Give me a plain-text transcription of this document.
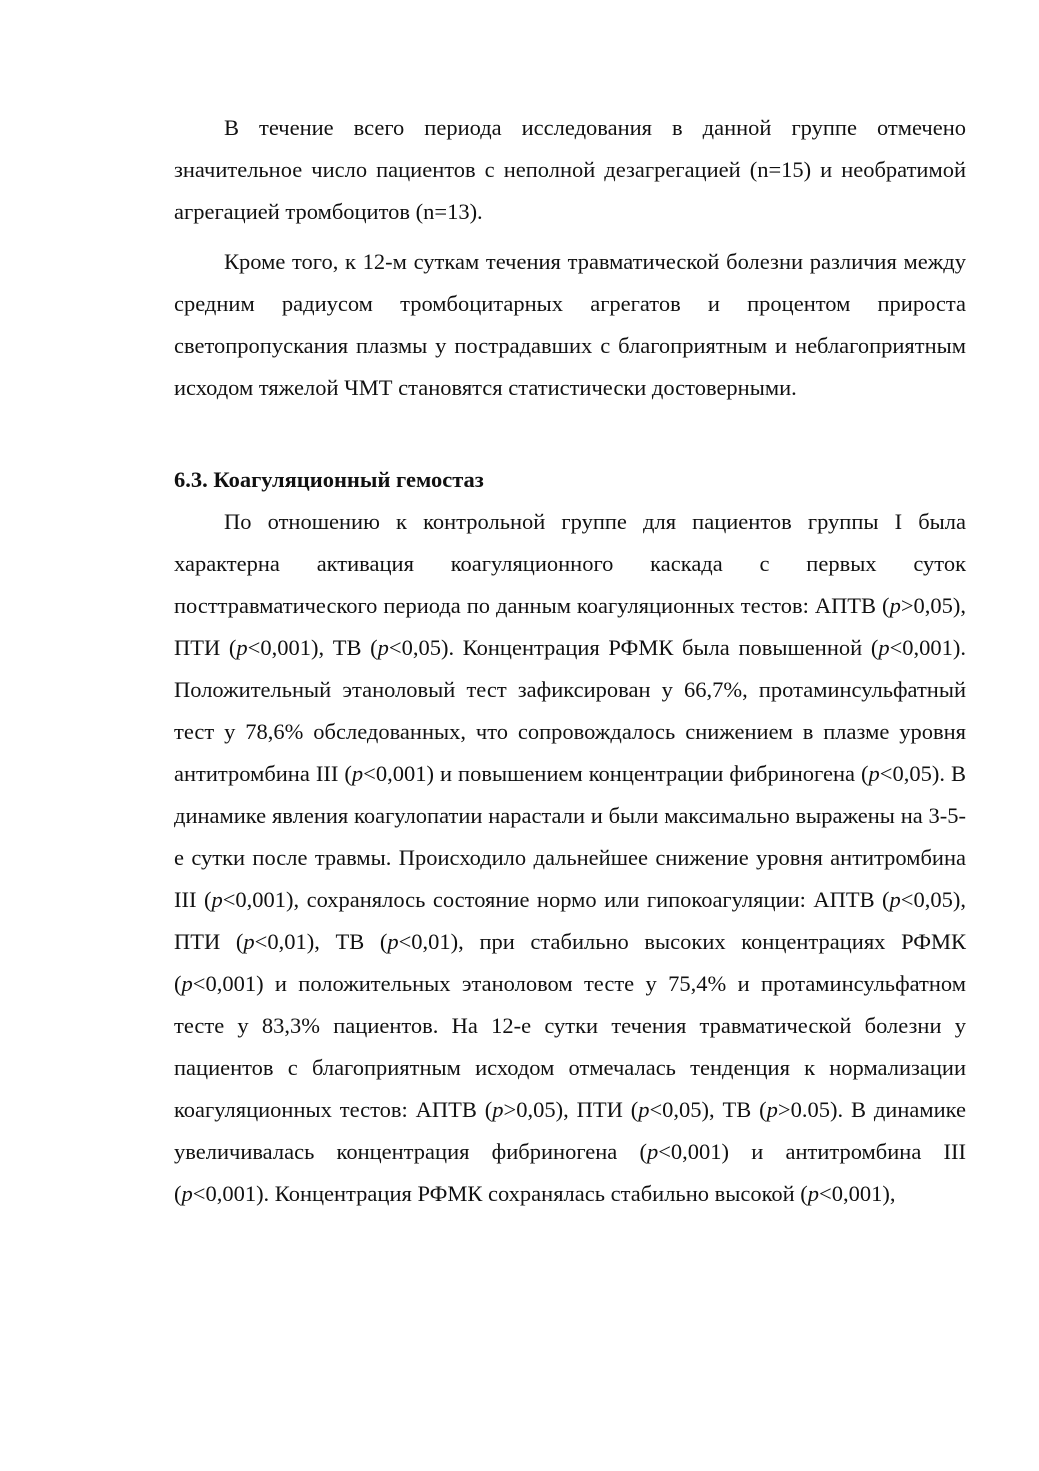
В течение всего периода исследования в данной группе отмечено значительное число пациентов с неполной дезагрегацией (n=15) и необратимой агрегацией тромбоцитов (n=13).

Кроме того, к 12-м суткам течения травматической болезни различия между средним радиусом тромбоцитарных агрегатов и процентом прироста светопропускания плазмы у пострадавших с благоприятным и неблагоприятным исходом тяжелой ЧМТ становятся статистически достоверными.

6.3. Коагуляционный гемостаз

По отношению к контрольной группе для пациентов группы I была характерна активация коагуляционного каскада с первых суток посттравматического периода по данным коагуляционных тестов: АПТВ (p>0,05), ПТИ (p<0,001), ТВ (p<0,05). Концентрация РФМК была повышенной (p<0,001). Положительный этаноловый тест зафиксирован у 66,7%, протаминсульфатный тест у 78,6% обследованных, что сопровождалось снижением в плазме уровня антитромбина III (p<0,001) и повышением концентрации фибриногена (p<0,05). В динамике явления коагулопатии нарастали и были максимально выражены на 3-5-е сутки после травмы. Происходило дальнейшее снижение уровня антитромбина III (p<0,001), сохранялось состояние нормо или гипокоагуляции: АПТВ (p<0,05), ПТИ (p<0,01), ТВ (p<0,01), при стабильно высоких концентрациях РФМК (p<0,001) и положительных этаноловом тесте у 75,4% и протаминсульфатном тесте у 83,3% пациентов. На 12-е сутки течения травматической болезни у пациентов с благоприятным исходом отмечалась тенденция к нормализации коагуляционных тестов: АПТВ (p>0,05), ПТИ (p<0,05), ТВ (p>0.05). В динамике увеличивалась концентрация фибриногена (p<0,001) и антитромбина III (p<0,001). Концентрация РФМК сохранялась стабильно высокой (p<0,001),
